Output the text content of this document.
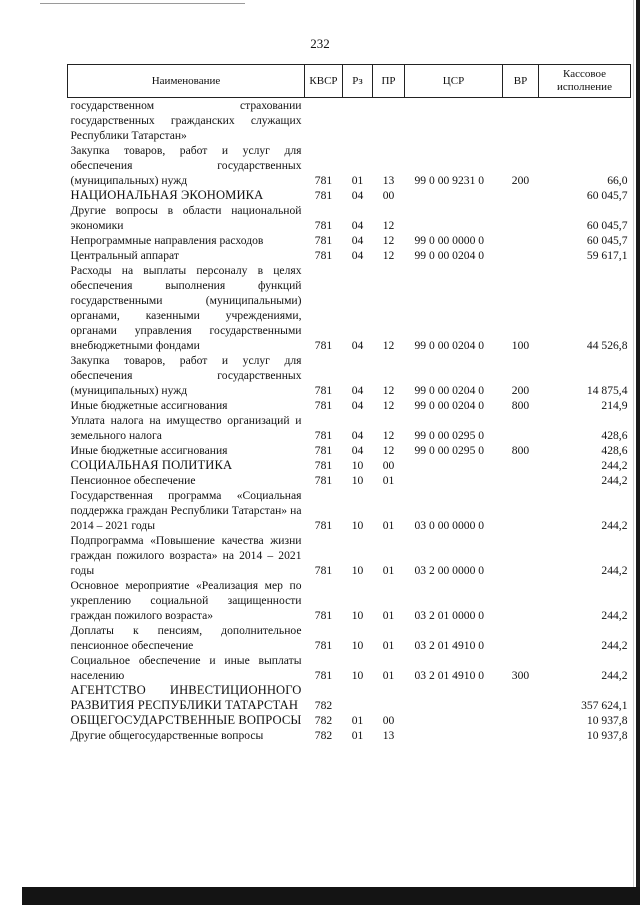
232
Наименование	КВСР	Рз	ПР	ЦСР	ВР	Кассовое исполнение
государственном страховании государственных гражданских служащих Республики Татарстан»						
Закупка товаров, работ и услуг для обеспечения государственных (муниципальных) нужд	781	01	13	99 0 00 9231 0	200	66,0
НАЦИОНАЛЬНАЯ ЭКОНОМИКА	781	04	00			60 045,7
Другие вопросы в области национальной экономики	781	04	12			60 045,7
Непрограммные направления расходов	781	04	12	99 0 00 0000 0		60 045,7
Центральный аппарат	781	04	12	99 0 00 0204 0		59 617,1
Расходы на выплаты персоналу в целях обеспечения выполнения функций государственными (муниципальными) органами, казенными учреждениями, органами управления государственными внебюджетными фондами	781	04	12	99 0 00 0204 0	100	44 526,8
Закупка товаров, работ и услуг для обеспечения государственных (муниципальных) нужд	781	04	12	99 0 00 0204 0	200	14 875,4
Иные бюджетные ассигнования	781	04	12	99 0 00 0204 0	800	214,9
Уплата налога на имущество организаций и земельного налога	781	04	12	99 0 00 0295 0		428,6
Иные бюджетные ассигнования	781	04	12	99 0 00 0295 0	800	428,6
СОЦИАЛЬНАЯ ПОЛИТИКА	781	10	00			244,2
Пенсионное обеспечение	781	10	01			244,2
Государственная программа «Социальная поддержка граждан Республики Татарстан» на 2014 – 2021 годы	781	10	01	03 0 00 0000 0		244,2
Подпрограмма «Повышение качества жизни граждан пожилого возраста» на 2014 – 2021 годы	781	10	01	03 2 00 0000 0		244,2
Основное мероприятие «Реализация мер по укреплению социальной защищенности граждан пожилого возраста»	781	10	01	03 2 01 0000 0		244,2
Доплаты к пенсиям, дополнительное пенсионное обеспечение	781	10	01	03 2 01 4910 0		244,2
Социальное обеспечение и иные выплаты населению	781	10	01	03 2 01 4910 0	300	244,2
АГЕНТСТВО ИНВЕСТИЦИОННОГО РАЗВИТИЯ РЕСПУБЛИКИ ТАТАРСТАН	782					357 624,1
ОБЩЕГОСУДАРСТВЕННЫЕ ВОПРОСЫ	782	01	00			10 937,8
Другие общегосударственные вопросы	782	01	13			10 937,8
